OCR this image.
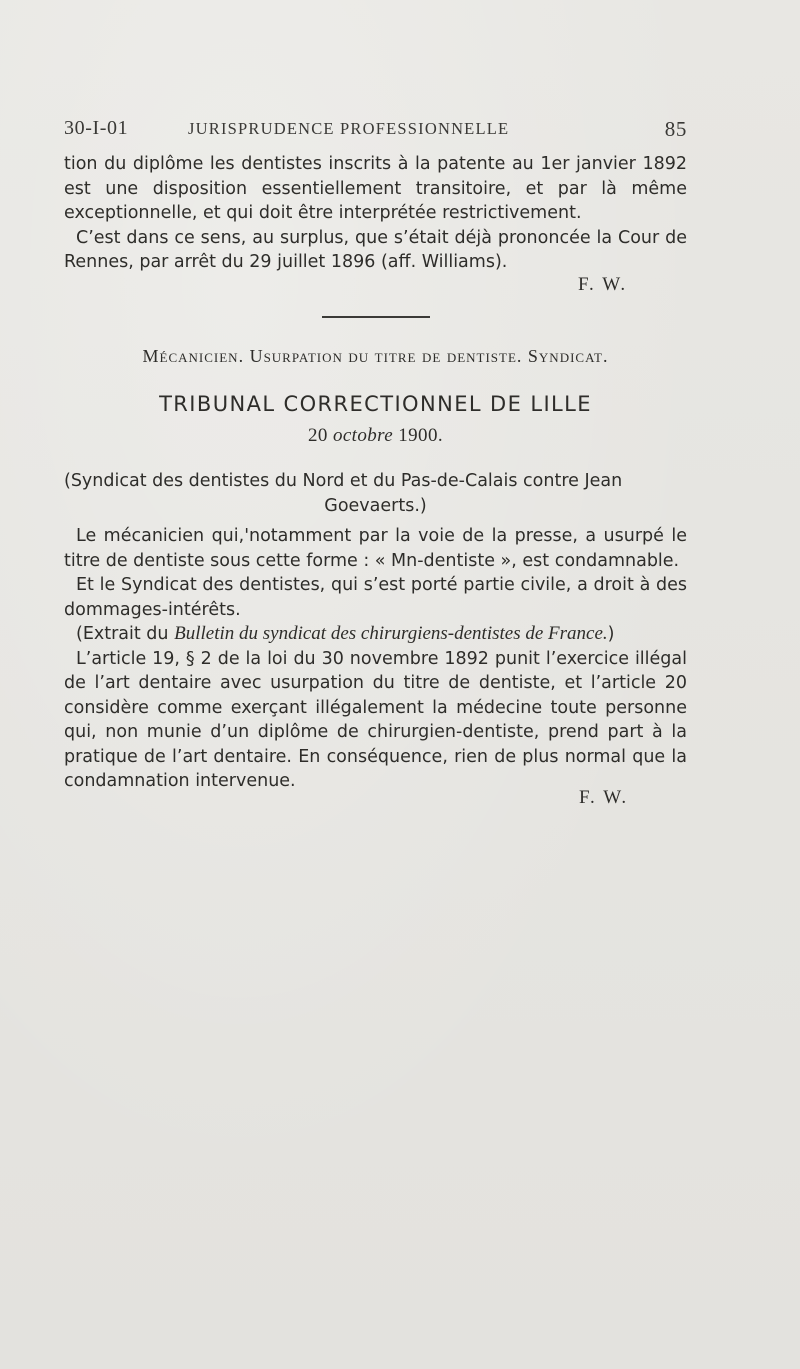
30-I-01	JURISPRUDENCE PROFESSIONNELLE	85

tion du diplôme les dentistes inscrits à la patente au 1er janvier 1892 est une disposition essentiellement transitoire, et par là même exceptionnelle, et qui doit être interprétée restrictivement.

C’est dans ce sens, au surplus, que s’était déjà prononcée la Cour de Rennes, par arrêt du 29 juillet 1896 (aff. Williams).

F. W.
Mécanicien. Usurpation du titre de dentiste. Syndicat.
TRIBUNAL CORRECTIONNEL DE LILLE
20 octobre 1900.
(Syndicat des dentistes du Nord et du Pas-de-Calais contre Jean
Goevaerts.)

Le mécanicien qui,'notamment par la voie de la presse, a usurpé le titre de dentiste sous cette forme : « Mn-dentiste », est condamnable.

Et le Syndicat des dentistes, qui s’est porté partie civile, a droit à des dommages-intérêts.

(Extrait du Bulletin du syndicat des chirurgiens-dentistes de France.)

L’article 19, § 2 de la loi du 30 novembre 1892 punit l’exercice illégal de l’art dentaire avec usurpation du titre de dentiste, et l’article 20 considère comme exerçant illégalement la médecine toute personne qui, non munie d’un diplôme de chirurgien-dentiste, prend part à la pratique de l’art dentaire. En conséquence, rien de plus normal que la condamnation intervenue.

F. W.
